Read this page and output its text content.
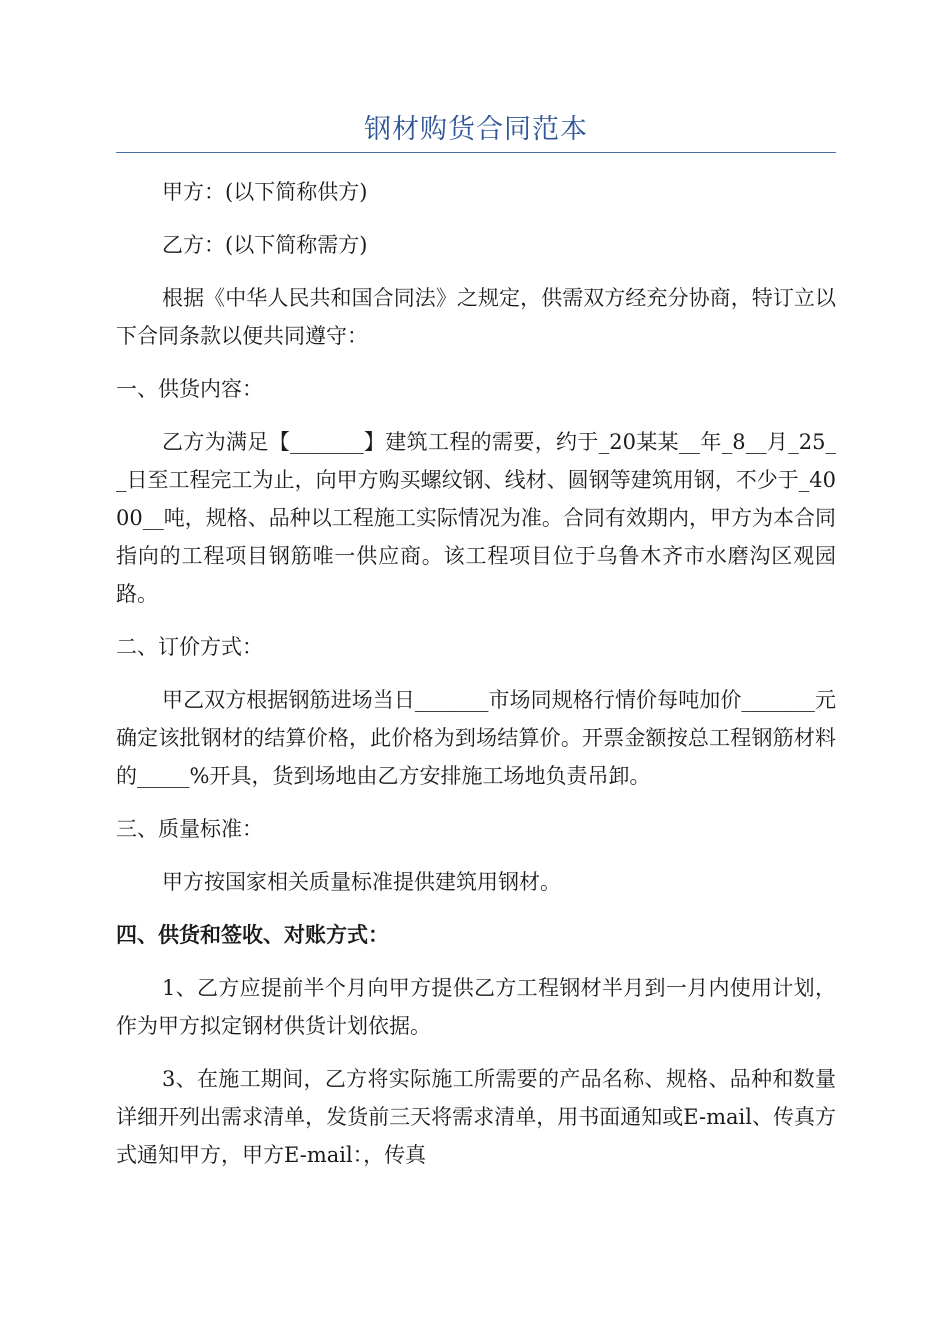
钢材购货合同范本

甲方：(以下简称供方)

乙方：(以下简称需方)

根据《中华人民共和国合同法》之规定，供需双方经充分协商，特订立以下合同条款以便共同遵守：

一、供货内容：

乙方为满足【_______】建筑工程的需要，约于_20某某__年_8__月_25__日至工程完工为止，向甲方购买螺纹钢、线材、圆钢等建筑用钢，不少于_4000__吨，规格、品种以工程施工实际情况为准。合同有效期内，甲方为本合同指向的工程项目钢筋唯一供应商。该工程项目位于乌鲁木齐市水磨沟区观园路。

二、订价方式：

甲乙双方根据钢筋进场当日_______市场同规格行情价每吨加价_______元确定该批钢材的结算价格，此价格为到场结算价。开票金额按总工程钢筋材料的_____%开具，货到场地由乙方安排施工场地负责吊卸。

三、质量标准：

甲方按国家相关质量标准提供建筑用钢材。

四、供货和签收、对账方式：

1、乙方应提前半个月向甲方提供乙方工程钢材半月到一月内使用计划，作为甲方拟定钢材供货计划依据。

3、在施工期间，乙方将实际施工所需要的产品名称、规格、品种和数量详细开列出需求清单，发货前三天将需求清单，用书面通知或E-mail、传真方式通知甲方，甲方E-mail：，传真
